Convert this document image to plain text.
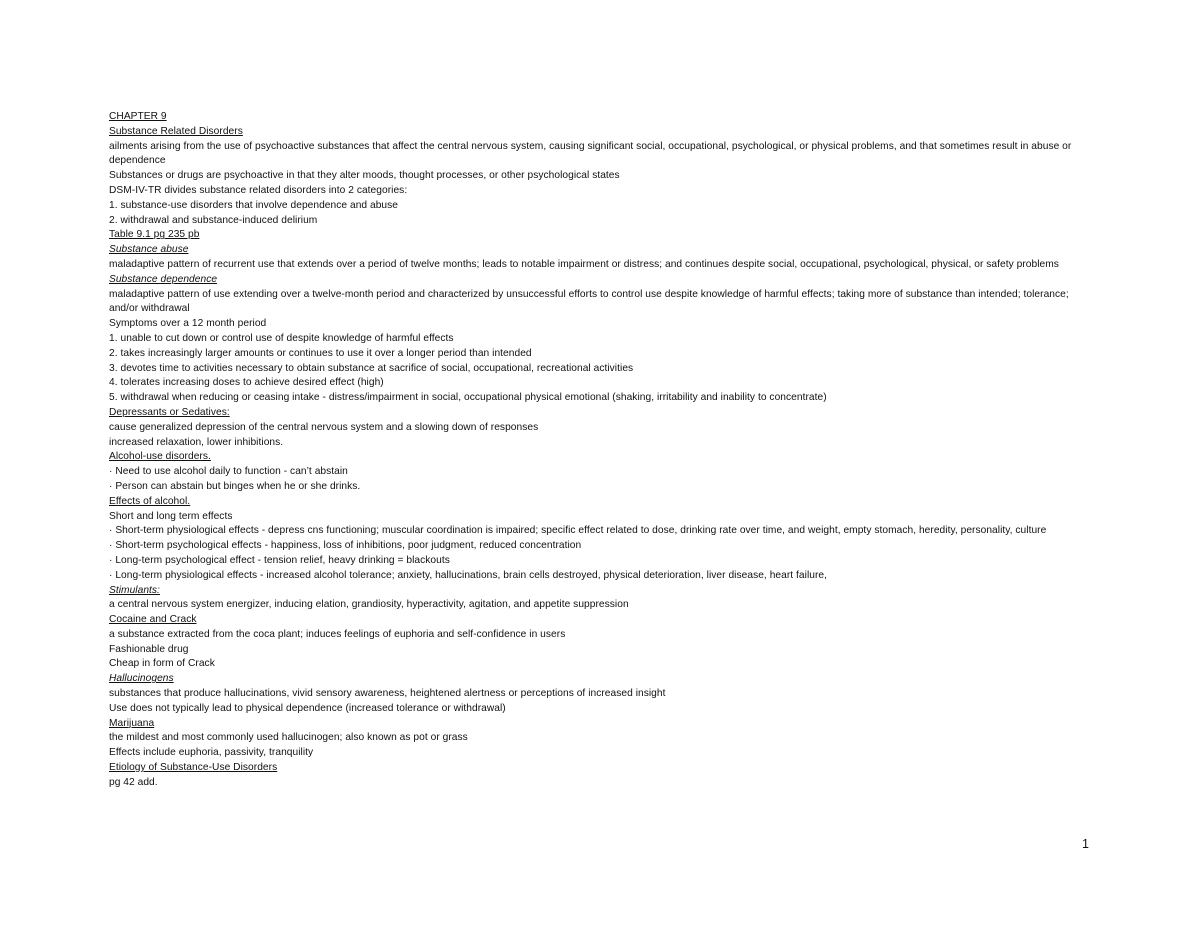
CHAPTER 9
Substance Related Disorders
ailments arising from the use of psychoactive substances that affect the central nervous system, causing significant social, occupational, psychological, or physical problems, and that sometimes result in abuse or dependence
Substances or drugs are psychoactive in that they alter moods, thought processes, or other psychological states
DSM-IV-TR divides substance related disorders into 2 categories:
1. substance-use disorders that involve dependence and abuse
2. withdrawal and substance-induced delirium
Table 9.1 pg 235 pb
Substance abuse
maladaptive pattern of recurrent use that extends over a period of twelve months; leads to notable impairment or distress; and continues despite social, occupational, psychological, physical, or safety problems
Substance dependence
maladaptive pattern of use extending over a twelve-month period and characterized by unsuccessful efforts to control use despite knowledge of harmful effects; taking more of substance than intended; tolerance; and/or withdrawal
Symptoms over a 12 month period
1. unable to cut down or control use of despite knowledge of harmful effects
2. takes increasingly larger amounts or continues to use it over a longer period than intended
3. devotes time to activities necessary to obtain substance at sacrifice of social, occupational, recreational activities
4. tolerates increasing doses to achieve desired effect (high)
5. withdrawal when reducing or ceasing intake - distress/impairment in social, occupational physical emotional (shaking, irritability and inability to concentrate)
Depressants or Sedatives:
cause generalized depression of the central nervous system and a slowing down of responses
increased relaxation, lower inhibitions.
Alcohol-use disorders.
· Need to use alcohol daily to function - can’t abstain
· Person can abstain but binges when he or she drinks.
Effects of alcohol.
Short and long term effects
· Short-term physiological effects - depress cns functioning; muscular coordination is impaired; specific effect related to dose, drinking rate over time, and weight, empty stomach, heredity, personality, culture
· Short-term psychological effects - happiness, loss of inhibitions, poor judgment, reduced concentration
· Long-term psychological effect - tension relief, heavy drinking = blackouts
· Long-term physiological effects - increased alcohol tolerance; anxiety, hallucinations, brain cells destroyed, physical deterioration, liver disease, heart failure,
Stimulants:
a central nervous system energizer, inducing elation, grandiosity, hyperactivity, agitation, and appetite suppression
Cocaine and Crack
a substance extracted from the coca plant; induces feelings of euphoria and self-confidence in users
Fashionable drug
Cheap in form of Crack
Hallucinogens
substances that produce hallucinations, vivid sensory awareness, heightened alertness or perceptions of increased insight
Use does not typically lead to physical dependence (increased tolerance or withdrawal)
Marijuana
the mildest and most commonly used hallucinogen; also known as pot or grass
Effects include euphoria, passivity, tranquility
Etiology of Substance-Use Disorders
pg 42 add.
1
